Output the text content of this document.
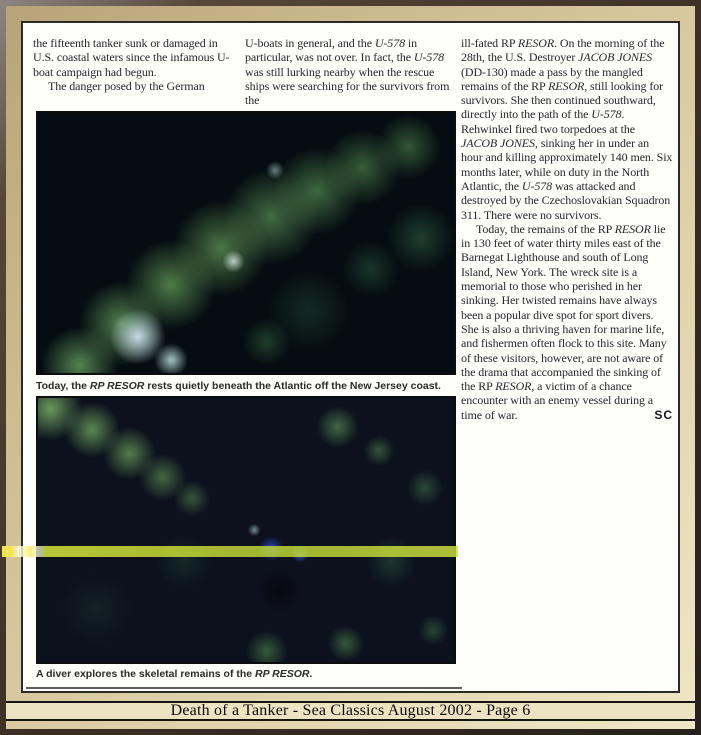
the fifteenth tanker sunk or damaged in U.S. coastal waters since the infamous U-boat campaign had begun.

The danger posed by the German

U-boats in general, and the U-578 in particular, was not over. In fact, the U-578 was still lurking nearby when the rescue ships were searching for the survivors from the

ill-fated RP RESOR. On the morning of the 28th, the U.S. Destroyer JACOB JONES (DD-130) made a pass by the mangled remains of the RP RESOR, still looking for survivors. She then continued southward, directly into the path of the U-578. Rehwinkel fired two torpedoes at the JACOB JONES, sinking her in under an hour and killing approximately 140 men. Six months later, while on duty in the North Atlantic, the U-578 was attacked and destroyed by the Czechoslovakian Squadron 311. There were no survivors.

Today, the remains of the RP RESOR lie in 130 feet of water thirty miles east of the Barnegat Lighthouse and south of Long Island, New York. The wreck site is a memorial to those who perished in her sinking. Her twisted remains have always been a popular dive spot for sport divers. She is also a thriving haven for marine life, and fishermen often flock to this site. Many of these visitors, however, are not aware of the drama that accompanied the sinking of the RP RESOR, a victim of a chance encounter with an enemy vessel during a time of war.	SC

Today, the RP RESOR rests quietly beneath the Atlantic off the New Jersey coast.
A diver explores the skeletal remains of the RP RESOR.
Death of a Tanker - Sea Classics August 2002 - Page 6
